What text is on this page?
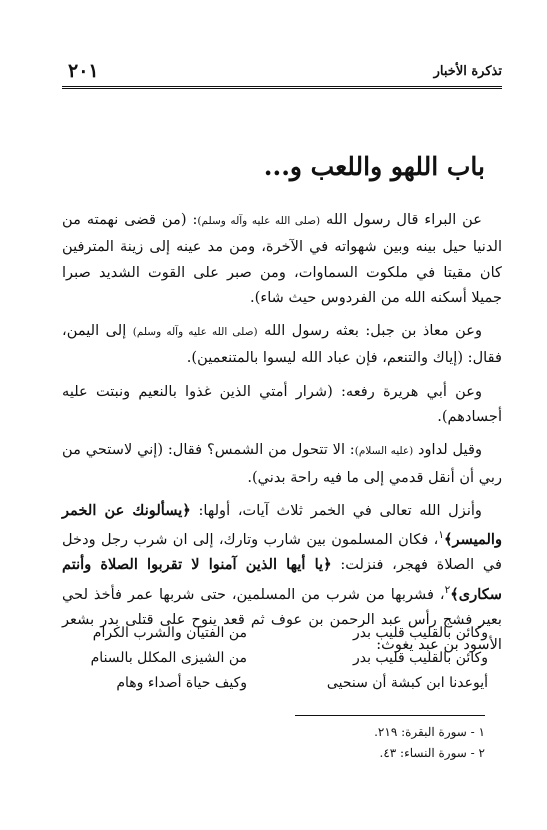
تذكرة الأخبار
٢٠١
باب اللهو واللعب و...

عن البراء قال رسول الله (صلى الله عليه وآله وسلم): (من قضى نهمته من الدنيا حيل بينه وبين شهواته في الآخرة، ومن مد عينه إلى زينة المترفين كان مقيتا في ملكوت السماوات، ومن صبر على القوت الشديد صبرا جميلا أسكنه الله من الفردوس حيث شاء).

وعن معاذ بن جبل: بعثه رسول الله (صلى الله عليه وآله وسلم) إلى اليمن، فقال: (إياك والتنعم، فإن عباد الله ليسوا بالمتنعمين).

وعن أبي هريرة رفعه: (شرار أمتي الذين غذوا بالنعيم ونبتت عليه أجسادهم).

وقيل لداود (عليه السلام): الا تتحول من الشمس؟ فقال: (إني لاستحي من ربي أن أنقل قدمي إلى ما فيه راحة بدني).

وأنزل الله تعالى في الخمر ثلاث آيات، أولها: ﴿يسألونك عن الخمر والميسر﴾$^١$، فكان المسلمون بين شارب وتارك، إلى ان شرب رجل ودخل في الصلاة فهجر، فنزلت: ﴿يا أيها الذين آمنوا لا تقربوا الصلاة وأنتم سكارى﴾$^٢$، فشربها من شرب من المسلمين، حتى شربها عمر فأخذ لحي بعير فشج رأس عبد الرحمن بن عوف ثم قعد ينوح على قتلى بدر بشعر الأسود بن عبد يغوث:

وكائن بالقليب قليب بدر
من الفتيان والشرب الكرام
وكائن بالقليب قليب بدر
من الشيزى المكلل بالسنام
أيوعدنا ابن كبشة أن سنحيى
وكيف حياة أصداء وهام
١ - سورة البقرة: ٢١٩.
٢ - سورة النساء: ٤٣.
